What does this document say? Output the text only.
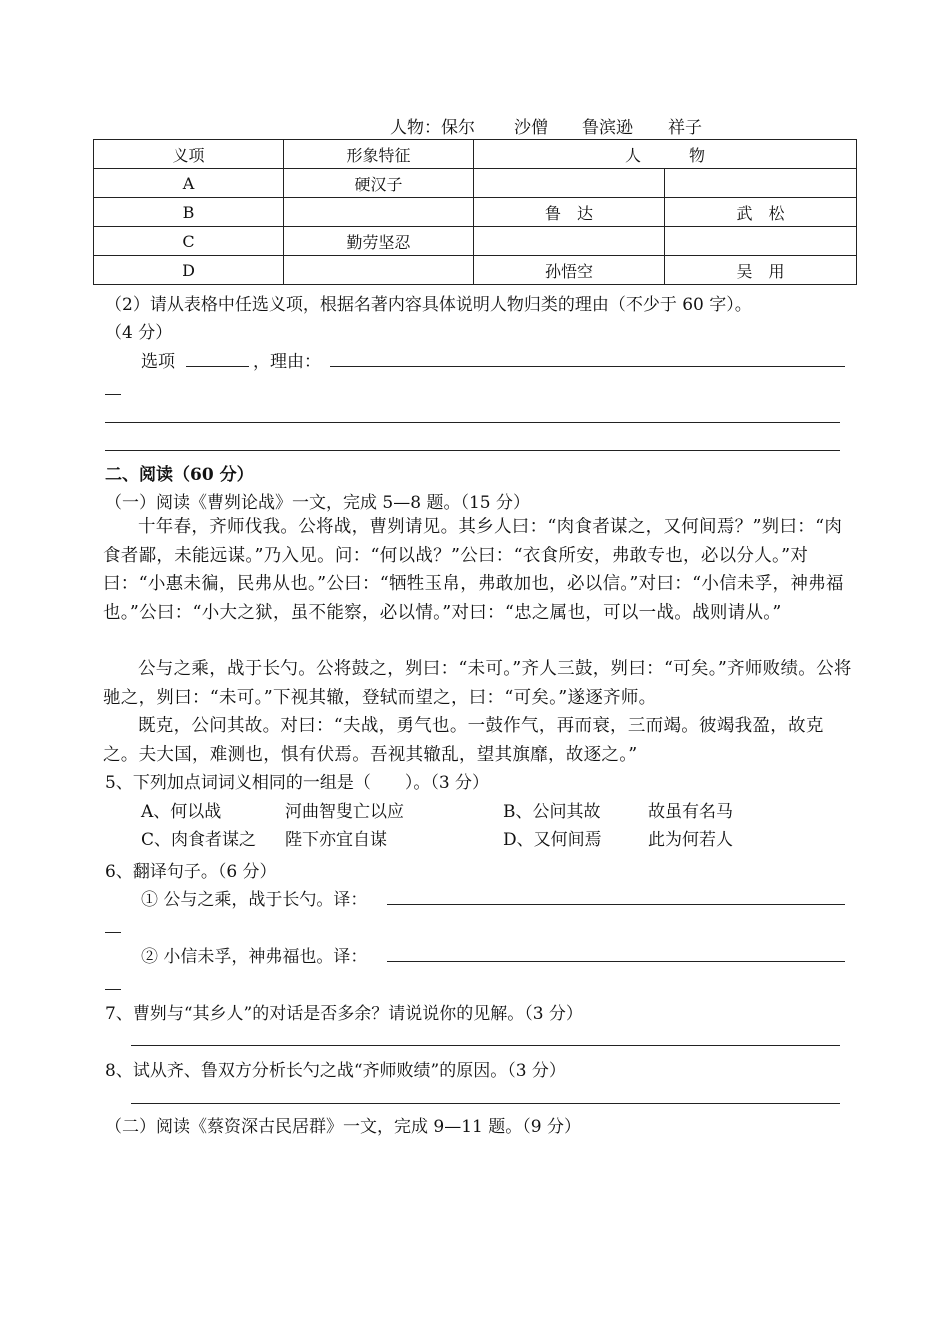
人物：保尔 沙僧 鲁滨逊 祥子
义项	形象特征	人　　　物	
A	硬汉子		
B		鲁　达	武　松
C	勤劳坚忍		
D		孙悟空	吴　用
（2）请从表格中任选义项，根据名著内容具体说明人物归类的理由（不少于 60 字）。
（4 分）
选项	，理由：
二、阅读（60 分）
（一）阅读《曹刿论战》一文，完成 5—8 题。（15 分）
十年春，齐师伐我。公将战，曹刿请见。其乡人曰：“肉食者谋之，又何间焉？”刿曰：“肉食者鄙，未能远谋。”乃入见。问：“何以战？”公曰：“衣食所安，弗敢专也，必以分人。”对曰：“小惠未徧，民弗从也。”公曰：“牺牲玉帛，弗敢加也，必以信。”对曰：“小信未孚，神弗福也。”公曰：“小大之狱，虽不能察，必以情。”对曰：“忠之属也，可以一战。战则请从。”
公与之乘，战于长勺。公将鼓之，刿曰：“未可。”齐人三鼓，刿曰：“可矣。”齐师败绩。公将驰之，刿曰：“未可。”下视其辙，登轼而望之，曰：“可矣。”遂逐齐师。
既克，公问其故。对曰：“夫战，勇气也。一鼓作气，再而衰，三而竭。彼竭我盈，故克之。夫大国，难测也，惧有伏焉。吾视其辙乱，望其旗靡，故逐之。”
5、下列加点词词义相同的一组是（　　）。（3 分）
A、何以战	河曲智叟亡以应	B、公问其故	故虽有名马
C、肉食者谋之 陛下亦宜自谋	D、又何间焉	此为何若人
6、翻译句子。（6 分）
① 公与之乘，战于长勺。译：
② 小信未孚，神弗福也。译：
7、曹刿与“其乡人”的对话是否多余？请说说你的见解。（3 分）
8、试从齐、鲁双方分析长勺之战“齐师败绩”的原因。（3 分）
（二）阅读《蔡资深古民居群》一文，完成 9—11 题。（9 分）
